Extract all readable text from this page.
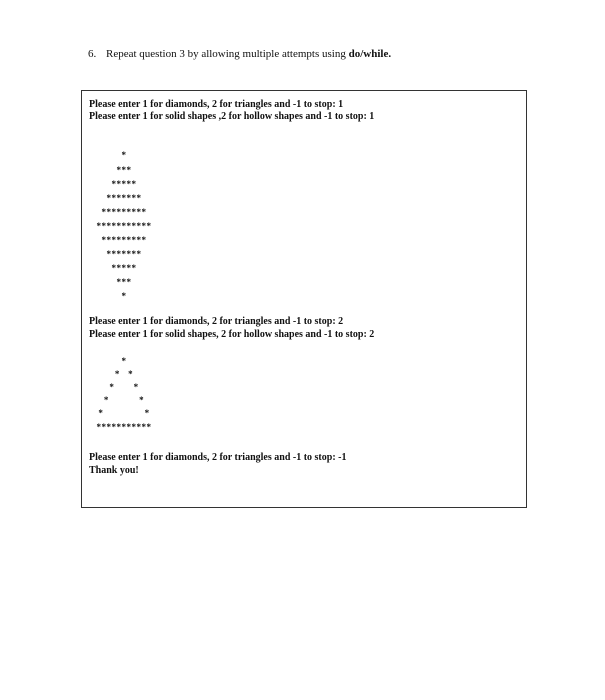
6. Repeat question 3 by allowing multiple attempts using do/while.
Please enter 1 for diamonds, 2 for triangles and -1 to stop: 1
Please enter 1 for solid shapes ,2 for hollow shapes and -1 to stop: 1
*
***
*****
*******
*********
***********
*********
*******
*****
***
*
Please enter 1 for diamonds, 2 for triangles and -1 to stop: 2
Please enter 1 for solid shapes, 2 for hollow shapes and -1 to stop: 2
*
*   *
*       *
*           *
*               *
***********
Please enter 1 for diamonds, 2 for triangles and -1 to stop: -1
Thank you!
